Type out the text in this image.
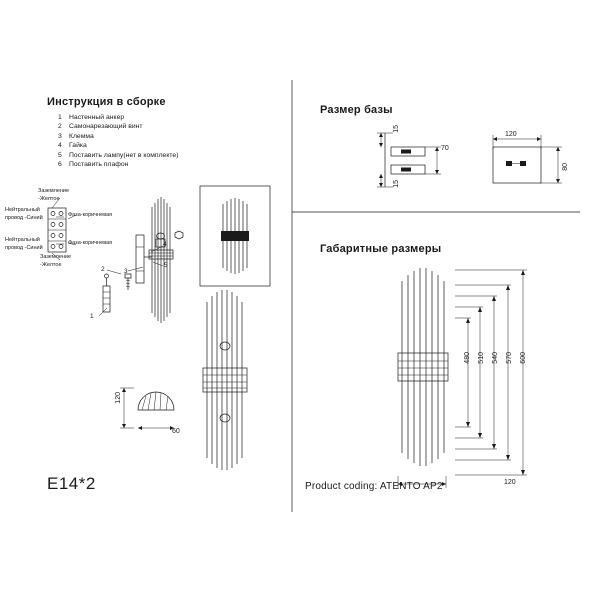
Инструкция в сборке
1	Настенный анкер
2	Самонарезающий винт
3	Клемма
4	Гайка
5	Поставить лампу(нет в комплекте)
6	Поставить плафон
Заземление
-Желтое
Нейтральный
провод -Синий	Фаза-коричневая
Нейтральный
провод -Синий
Фаза-коричневая
Заземление
-Желтое
2	3
4
5
1
120
60
E14*2
Размер базы
15
15
70
120
80
Габаритные размеры
600
570
540
510
480
120
Product coding: ATENTO AP2
